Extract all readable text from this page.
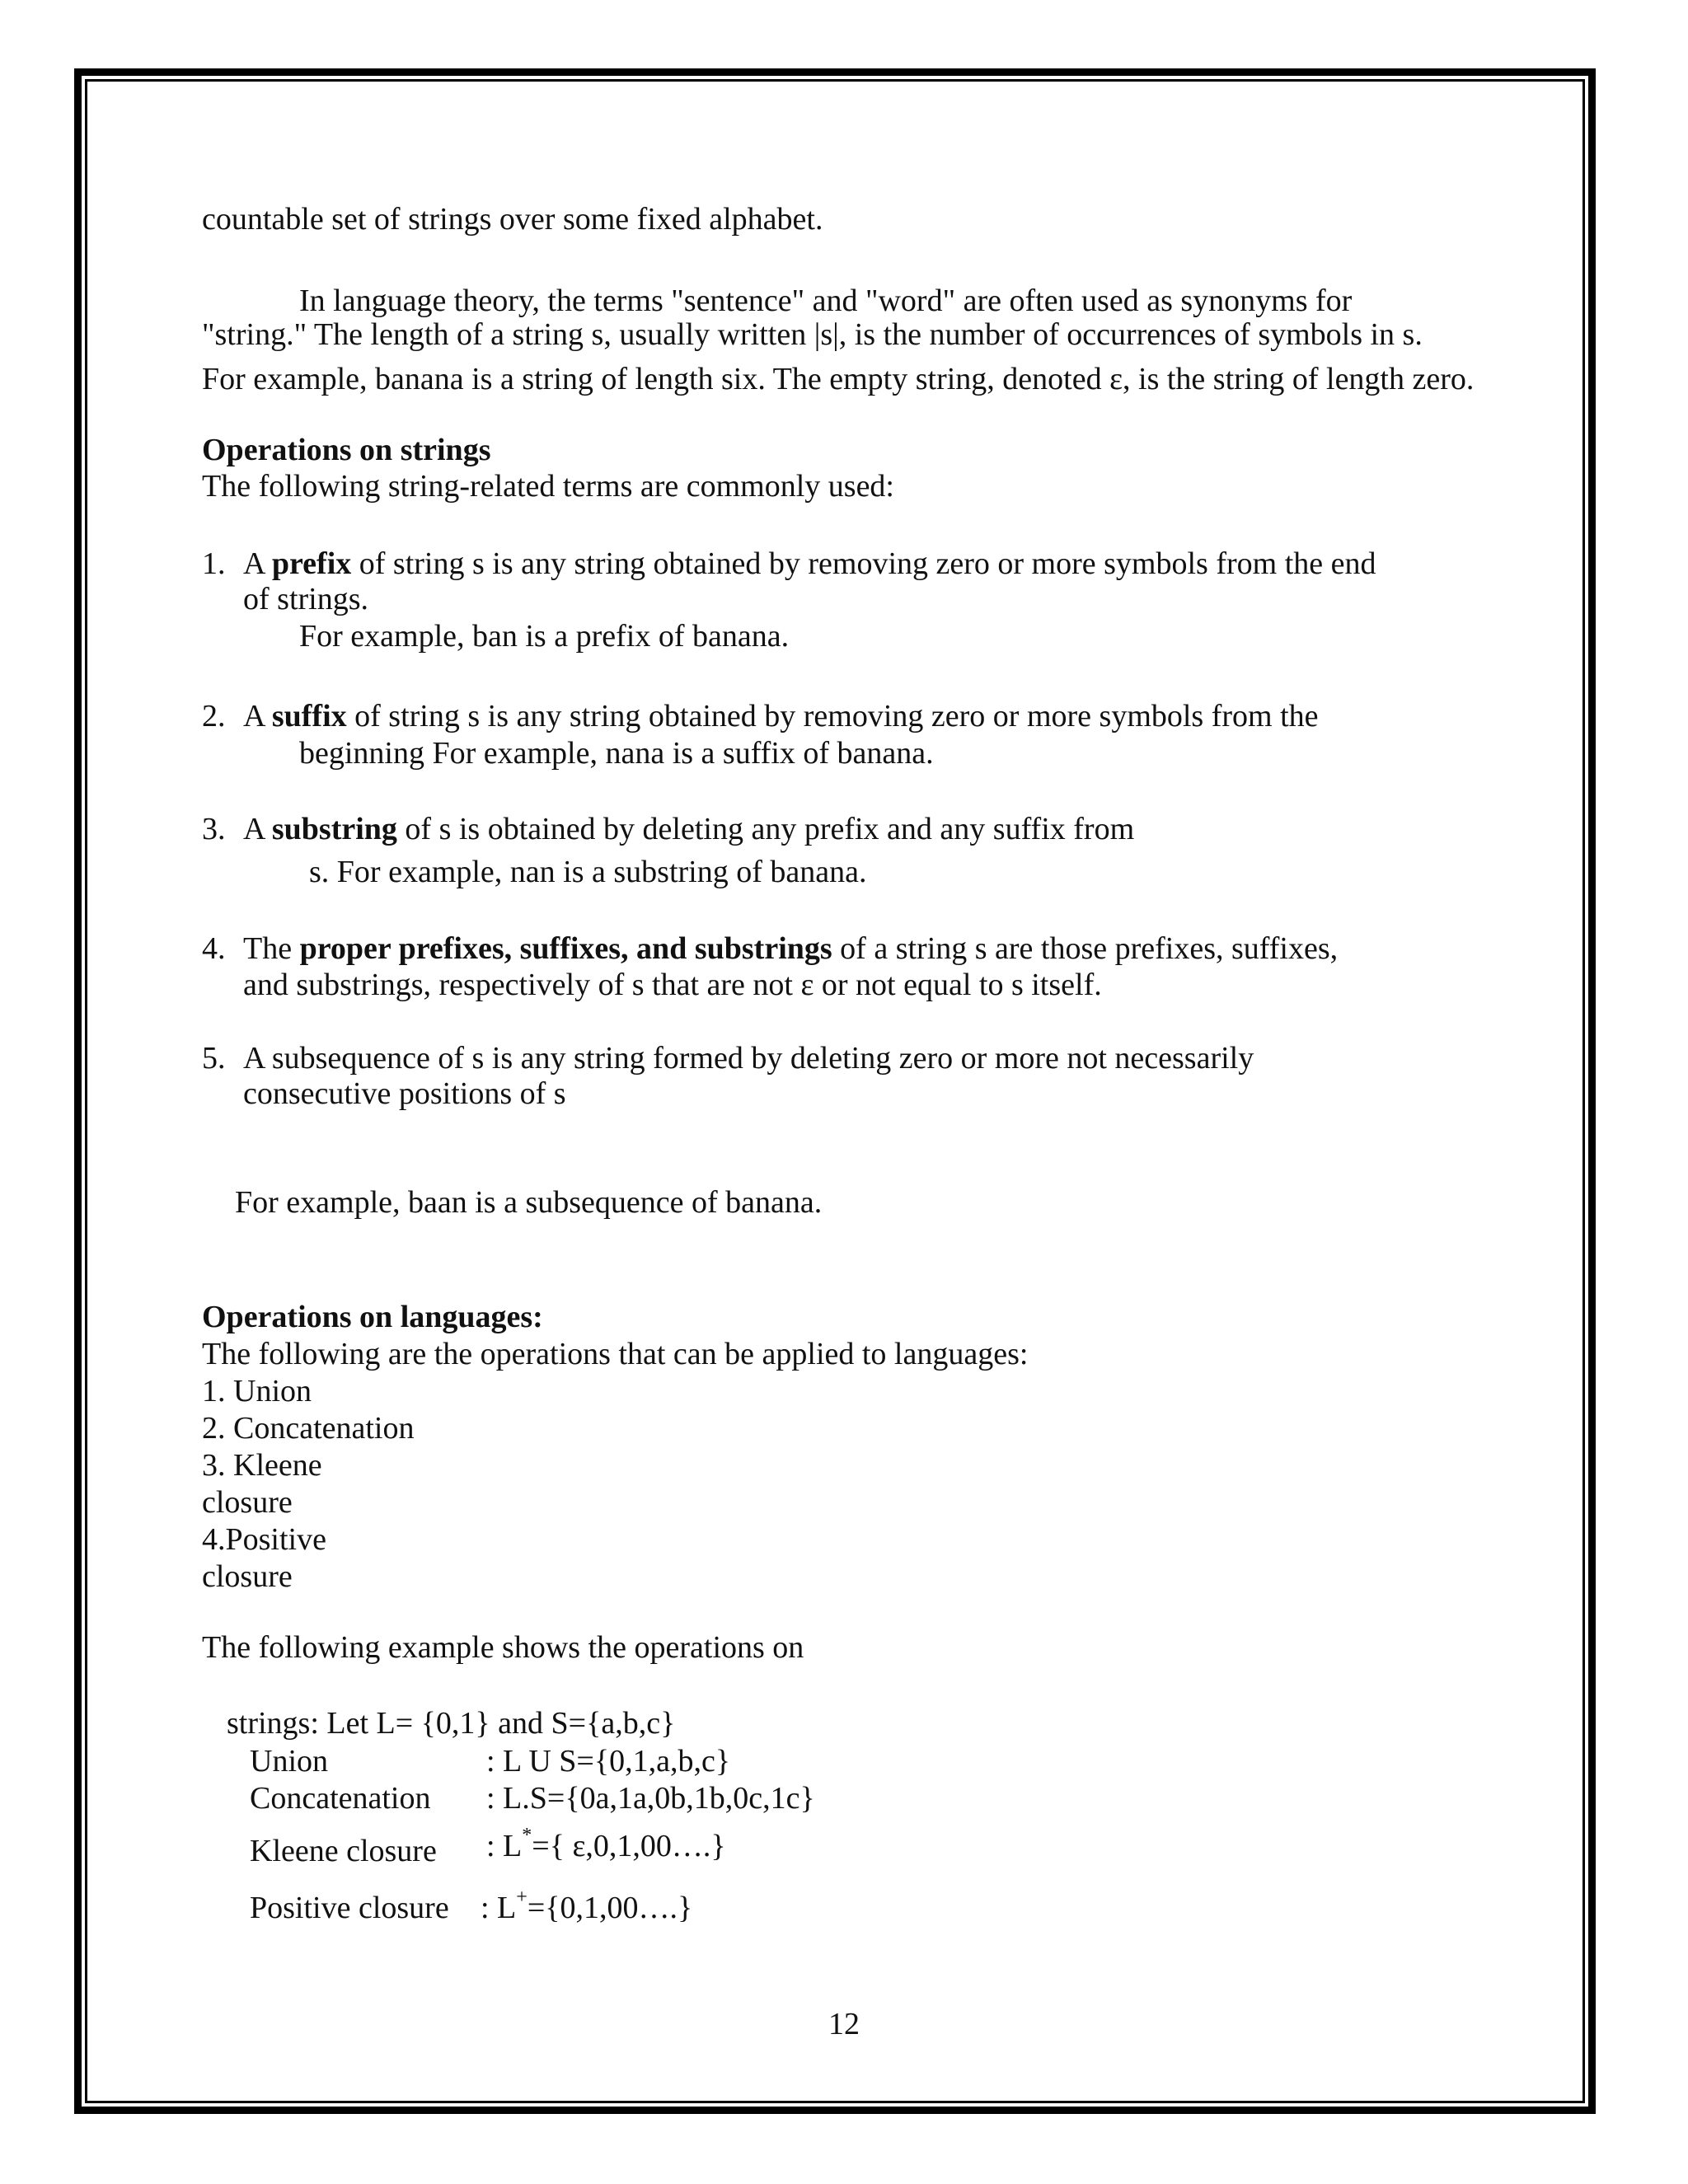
countable set of strings over some fixed alphabet.
In language theory, the terms "sentence" and "word" are often used as synonyms for
"string." The length of a string s, usually written |s|, is the number of occurrences of symbols in s.
For example, banana is a string of length six. The empty string, denoted ε, is the string of length zero.
Operations on strings
The following string-related terms are commonly used:
1. A prefix of string s is any string obtained by removing zero or more symbols from the end
of strings.
For example, ban is a prefix of banana.
2. A suffix of string s is any string obtained by removing zero or more symbols from the
beginning For example, nana is a suffix of banana.
3. A substring of s is obtained by deleting any prefix and any suffix from
s. For example, nan is a substring of banana.
4. The proper prefixes, suffixes, and substrings of a string s are those prefixes, suffixes,
and substrings, respectively of s that are not ε or not equal to s itself.
5. A subsequence of s is any string formed by deleting zero or more not necessarily
consecutive positions of s
For example, baan is a subsequence of banana.
Operations on languages:
The following are the operations that can be applied to languages:
1. Union
2. Concatenation
3. Kleene
closure
4.Positive
closure
The following example shows the operations on
strings: Let L= {0,1} and S={a,b,c}
Union	: L U S={0,1,a,b,c}
Concatenation : L.S={0a,1a,0b,1b,0c,1c}
Kleene closure : L*={ ε,0,1,00….}
Positive closure : L+={0,1,00….}
12
